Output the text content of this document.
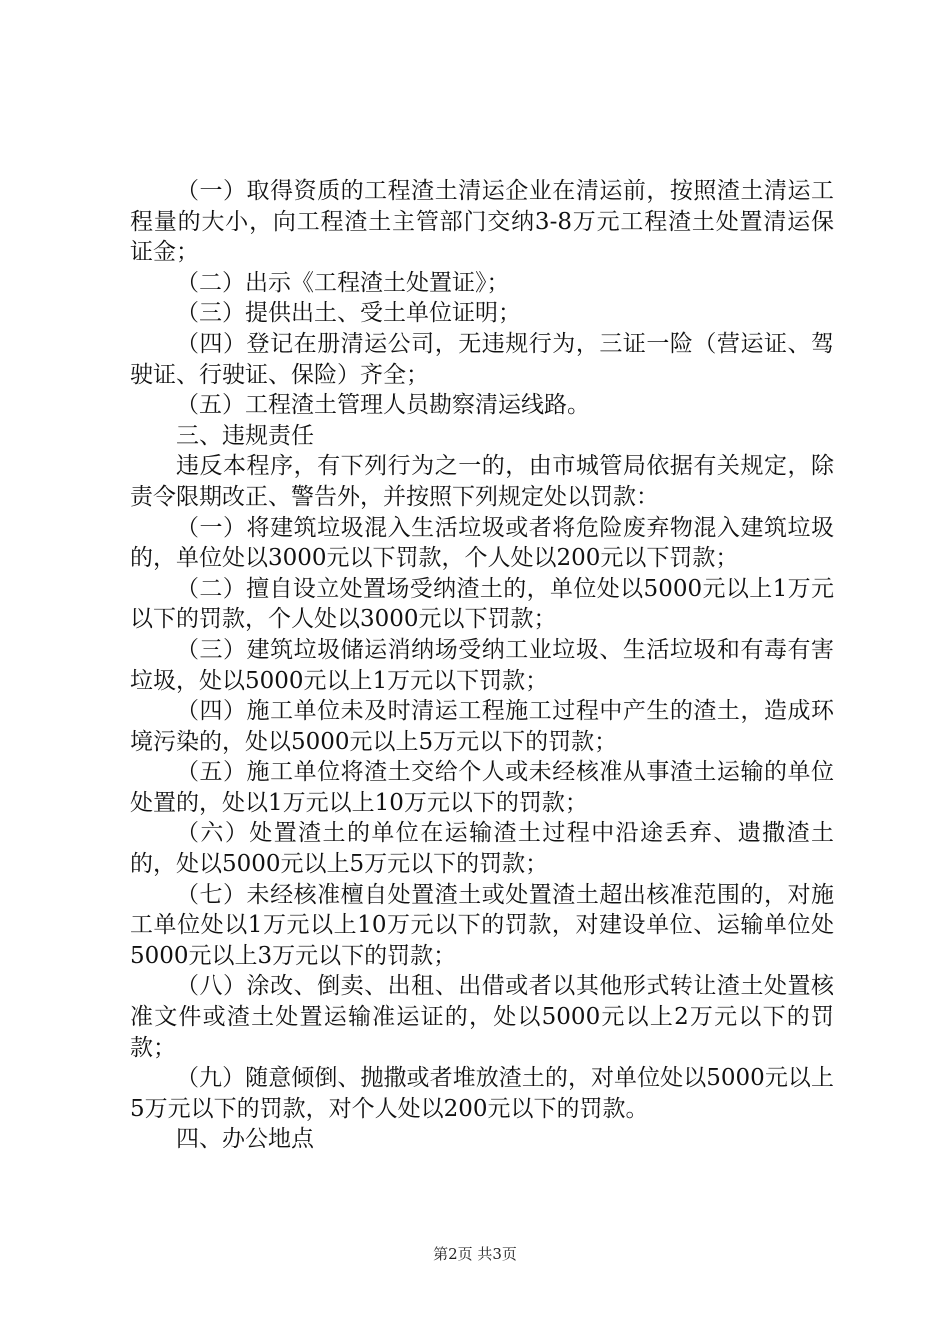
（一）取得资质的工程渣土清运企业在清运前，按照渣土清运工程量的大小，向工程渣土主管部门交纳3-8万元工程渣土处置清运保证金；

（二）出示《工程渣土处置证》；

（三）提供出土、受土单位证明；

（四）登记在册清运公司，无违规行为，三证一险（营运证、驾驶证、行驶证、保险）齐全；

（五）工程渣土管理人员勘察清运线路。

三、违规责任

违反本程序，有下列行为之一的，由市城管局依据有关规定，除责令限期改正、警告外，并按照下列规定处以罚款：

（一）将建筑垃圾混入生活垃圾或者将危险废弃物混入建筑垃圾的，单位处以3000元以下罚款，个人处以200元以下罚款；

（二）擅自设立处置场受纳渣土的，单位处以5000元以上1万元以下的罚款，个人处以3000元以下罚款；

（三）建筑垃圾储运消纳场受纳工业垃圾、生活垃圾和有毒有害垃圾，处以5000元以上1万元以下罚款；

（四）施工单位未及时清运工程施工过程中产生的渣土，造成环境污染的，处以5000元以上5万元以下的罚款；

（五）施工单位将渣土交给个人或未经核准从事渣土运输的单位处置的，处以1万元以上10万元以下的罚款；

（六）处置渣土的单位在运输渣土过程中沿途丢弃、遗撒渣土的，处以5000元以上5万元以下的罚款；

（七）未经核准檀自处置渣土或处置渣土超出核准范围的，对施工单位处以1万元以上10万元以下的罚款，对建设单位、运输单位处5000元以上3万元以下的罚款；

（八）涂改、倒卖、出租、出借或者以其他形式转让渣土处置核准文件或渣土处置运输准运证的，处以5000元以上2万元以下的罚款；

（九）随意倾倒、抛撒或者堆放渣土的，对单位处以5000元以上5万元以下的罚款，对个人处以200元以下的罚款。

四、办公地点

第2页 共3页
